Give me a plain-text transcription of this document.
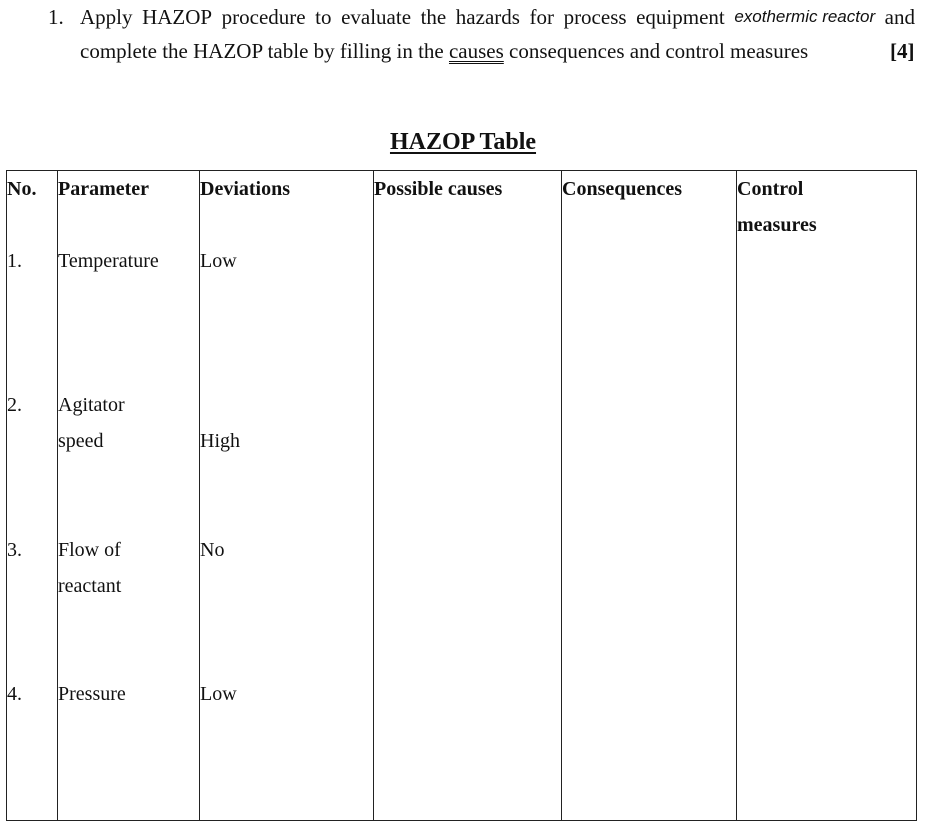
1. Apply HAZOP procedure to evaluate the hazards for process equipment exothermic reactor and
complete the HAZOP table by filling in the causes consequences and control measures	[4]
HAZOP Table
No.	Parameter	Deviations	Possible causes	Consequences	Control
measures

1.	Temperature	Low			

2.	Agitator
speed	High			

3.	Flow of
reactant	No			

4.	Pressure	Low			
